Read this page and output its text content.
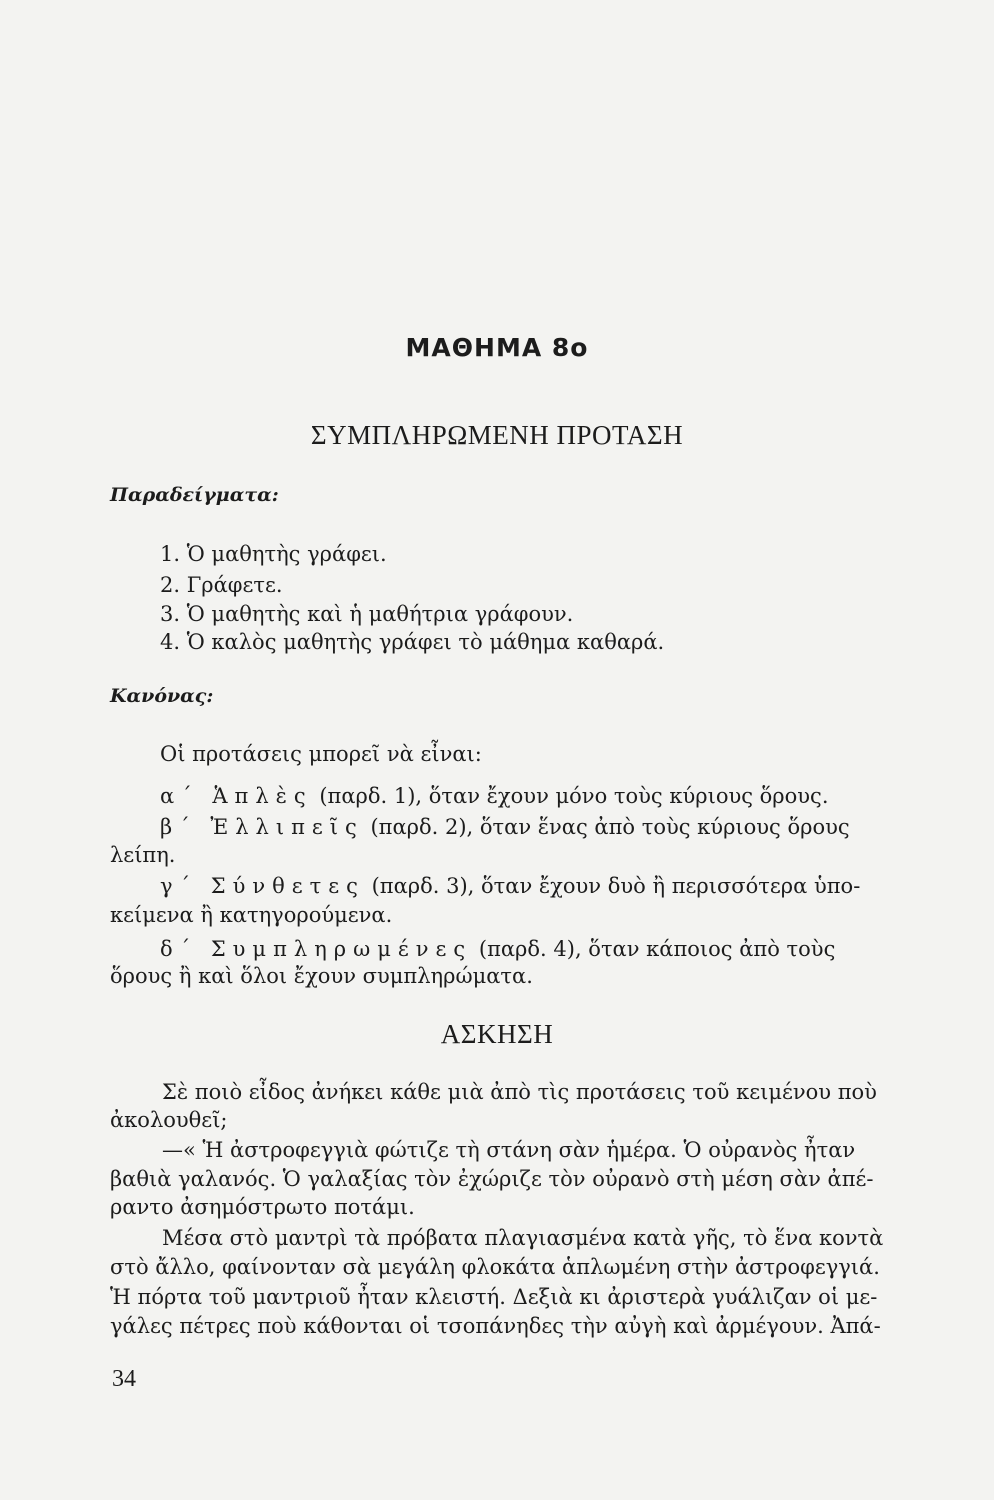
ΜΑΘΗΜΑ 8ο
ΣΥΜΠΛΗΡΩΜΕΝΗ ΠΡΟΤΑΣΗ
Παραδείγματα:
1. Ὁ μαθητὴς γράφει.
2. Γράφετε.
3. Ὁ μαθητὴς καὶ ἡ μαθήτρια γράφουν.
4. Ὁ καλὸς μαθητὴς γράφει τὸ μάθημα καθαρά.
Κανόνας:
Οἱ προτάσεις μπορεῖ νὰ εἶναι:
α΄ Ἁπλὲς (παρδ. 1), ὅταν ἔχουν μόνο τοὺς κύριους ὅρους.
β΄ Ἐλλιπεῖς (παρδ. 2), ὅταν ἕνας ἀπὸ τοὺς κύριους ὅρους
λείπη.
γ΄ Σύνθετες (παρδ. 3), ὅταν ἔχουν δυὸ ἢ περισσότερα ὑπο-
κείμενα ἢ κατηγορούμενα.
δ΄ Συμπληρωμένες (παρδ. 4), ὅταν κάποιος ἀπὸ τοὺς
ὅρους ἢ καὶ ὅλοι ἔχουν συμπληρώματα.
ΑΣΚΗΣΗ
Σὲ ποιὸ εἶδος ἀνήκει κάθε μιὰ ἀπὸ τὶς προτάσεις τοῦ κειμένου ποὺ
ἀκολουθεῖ;
—« Ἡ ἀστροφεγγιὰ φώτιζε τὴ στάνη σὰν ἡμέρα. Ὁ οὐρανὸς ἦταν
βαθιὰ γαλανός. Ὁ γαλαξίας τὸν ἐχώριζε τὸν οὐρανὸ στὴ μέση σὰν ἀπέ-
ραντο ἀσημόστρωτο ποτάμι.
Μέσα στὸ μαντρὶ τὰ πρόβατα πλαγιασμένα κατὰ γῆς, τὸ ἕνα κοντὰ
στὸ ἄλλο, φαίνονταν σὰ μεγάλη φλοκάτα ἁπλωμένη στὴν ἀστροφεγγιά.
Ἡ πόρτα τοῦ μαντριοῦ ἦταν κλειστή. Δεξιὰ κι ἀριστερὰ γυάλιζαν οἱ με-
γάλες πέτρες ποὺ κάθονται οἱ τσοπάνηδες τὴν αὐγὴ καὶ ἀρμέγουν. Ἀπά-
34
